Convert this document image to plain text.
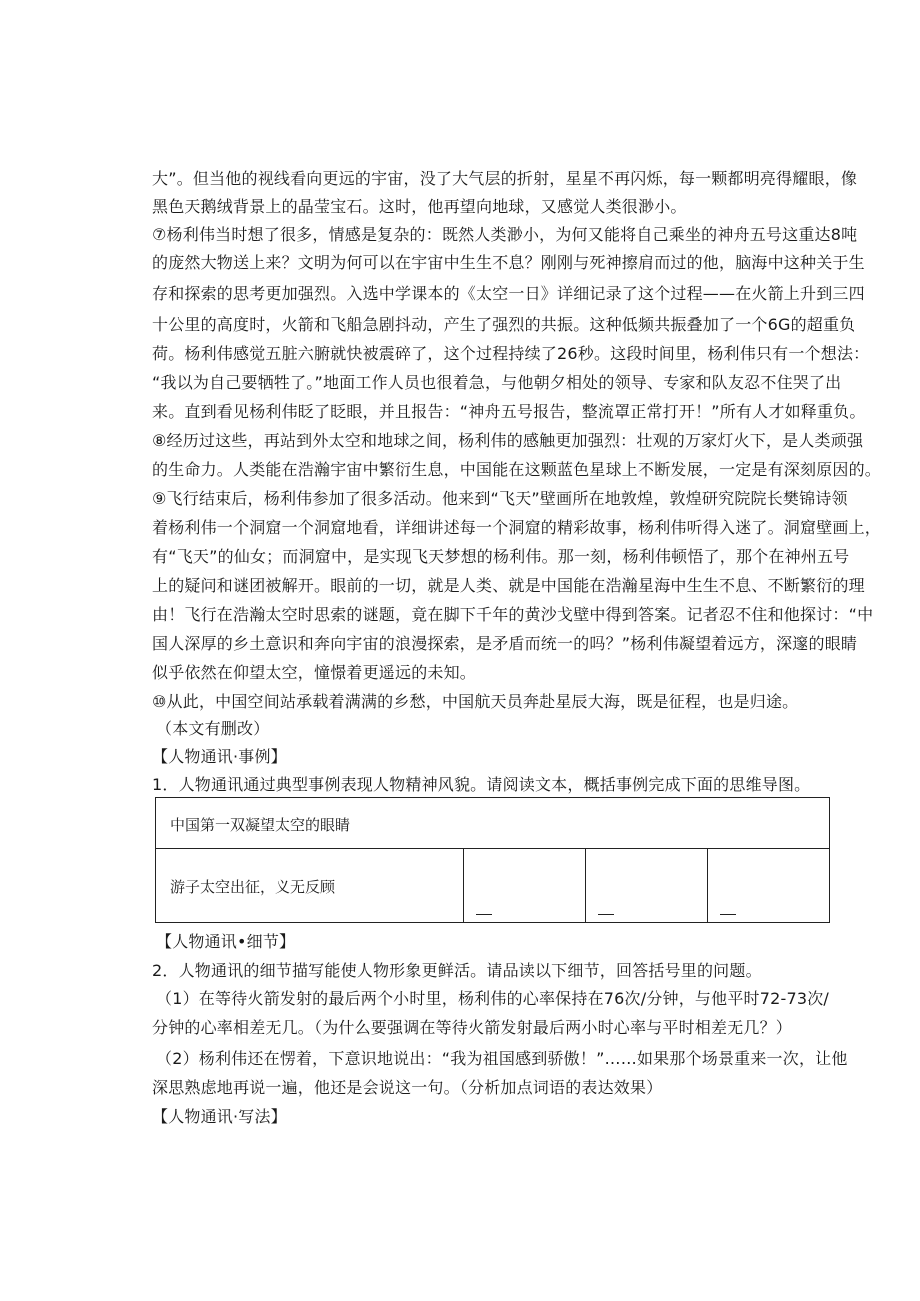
大”。但当他的视线看向更远的宇宙，没了大气层的折射，星星不再闪烁，每一颗都明亮得耀眼，像
黑色天鹅绒背景上的晶莹宝石。这时，他再望向地球，又感觉人类很渺小。
⑦杨利伟当时想了很多，情感是复杂的：既然人类渺小，为何又能将自己乘坐的神舟五号这重达8吨
的庞然大物送上来？文明为何可以在宇宙中生生不息？刚刚与死神擦肩而过的他，脑海中这种关于生
存和探索的思考更加强烈。入选中学课本的《太空一日》详细记录了这个过程——在火箭上升到三四
十公里的高度时，火箭和飞船急剧抖动，产生了强烈的共振。这种低频共振叠加了一个6G的超重负
荷。杨利伟感觉五脏六腑就快被震碎了，这个过程持续了26秒。这段时间里，杨利伟只有一个想法：
“我以为自己要牺牲了。”地面工作人员也很着急，与他朝夕相处的领导、专家和队友忍不住哭了出
来。直到看见杨利伟眨了眨眼，并且报告：“神舟五号报告，整流罩正常打开！”所有人才如释重负。
⑧经历过这些，再站到外太空和地球之间，杨利伟的感触更加强烈：壮观的万家灯火下，是人类顽强
的生命力。人类能在浩瀚宇宙中繁衍生息，中国能在这颗蓝色星球上不断发展，一定是有深刻原因的。
⑨飞行结束后，杨利伟参加了很多活动。他来到“飞天”壁画所在地敦煌，敦煌研究院院长樊锦诗领
着杨利伟一个洞窟一个洞窟地看，详细讲述每一个洞窟的精彩故事，杨利伟听得入迷了。洞窟壁画上，
有“飞天”的仙女；而洞窟中，是实现飞天梦想的杨利伟。那一刻，杨利伟顿悟了，那个在神州五号
上的疑问和谜团被解开。眼前的一切，就是人类、就是中国能在浩瀚星海中生生不息、不断繁衍的理
由！飞行在浩瀚太空时思索的谜题，竟在脚下千年的黄沙戈壁中得到答案。记者忍不住和他探讨：“中
国人深厚的乡土意识和奔向宇宙的浪漫探索，是矛盾而统一的吗？”杨利伟凝望着远方，深邃的眼睛
似乎依然在仰望太空，憧憬着更遥远的未知。
⑩从此，中国空间站承载着满满的乡愁，中国航天员奔赴星辰大海，既是征程，也是归途。
（本文有删改）
【人物通讯·事例】
1．人物通讯通过典型事例表现人物精神风貌。请阅读文本，概括事例完成下面的思维导图。
中国第一双凝望太空的眼睛
游子太空出征，义无反顾
【人物通讯•细节】
2．人物通讯的细节描写能使人物形象更鲜活。请品读以下细节，回答括号里的问题。
（1）在等待火箭发射的最后两个小时里，杨利伟的心率保持在76次/分钟，与他平时72-73次/
分钟的心率相差无几。（为什么要强调在等待火箭发射最后两小时心率与平时相差无几？）
（2）杨利伟还在愣着，下意识地说出：“我为祖国感到骄傲！”……如果那个场景重来一次，让他
深思熟虑地再说一遍，他还是会说这一句。（分析加点词语的表达效果）
【人物通讯·写法】
